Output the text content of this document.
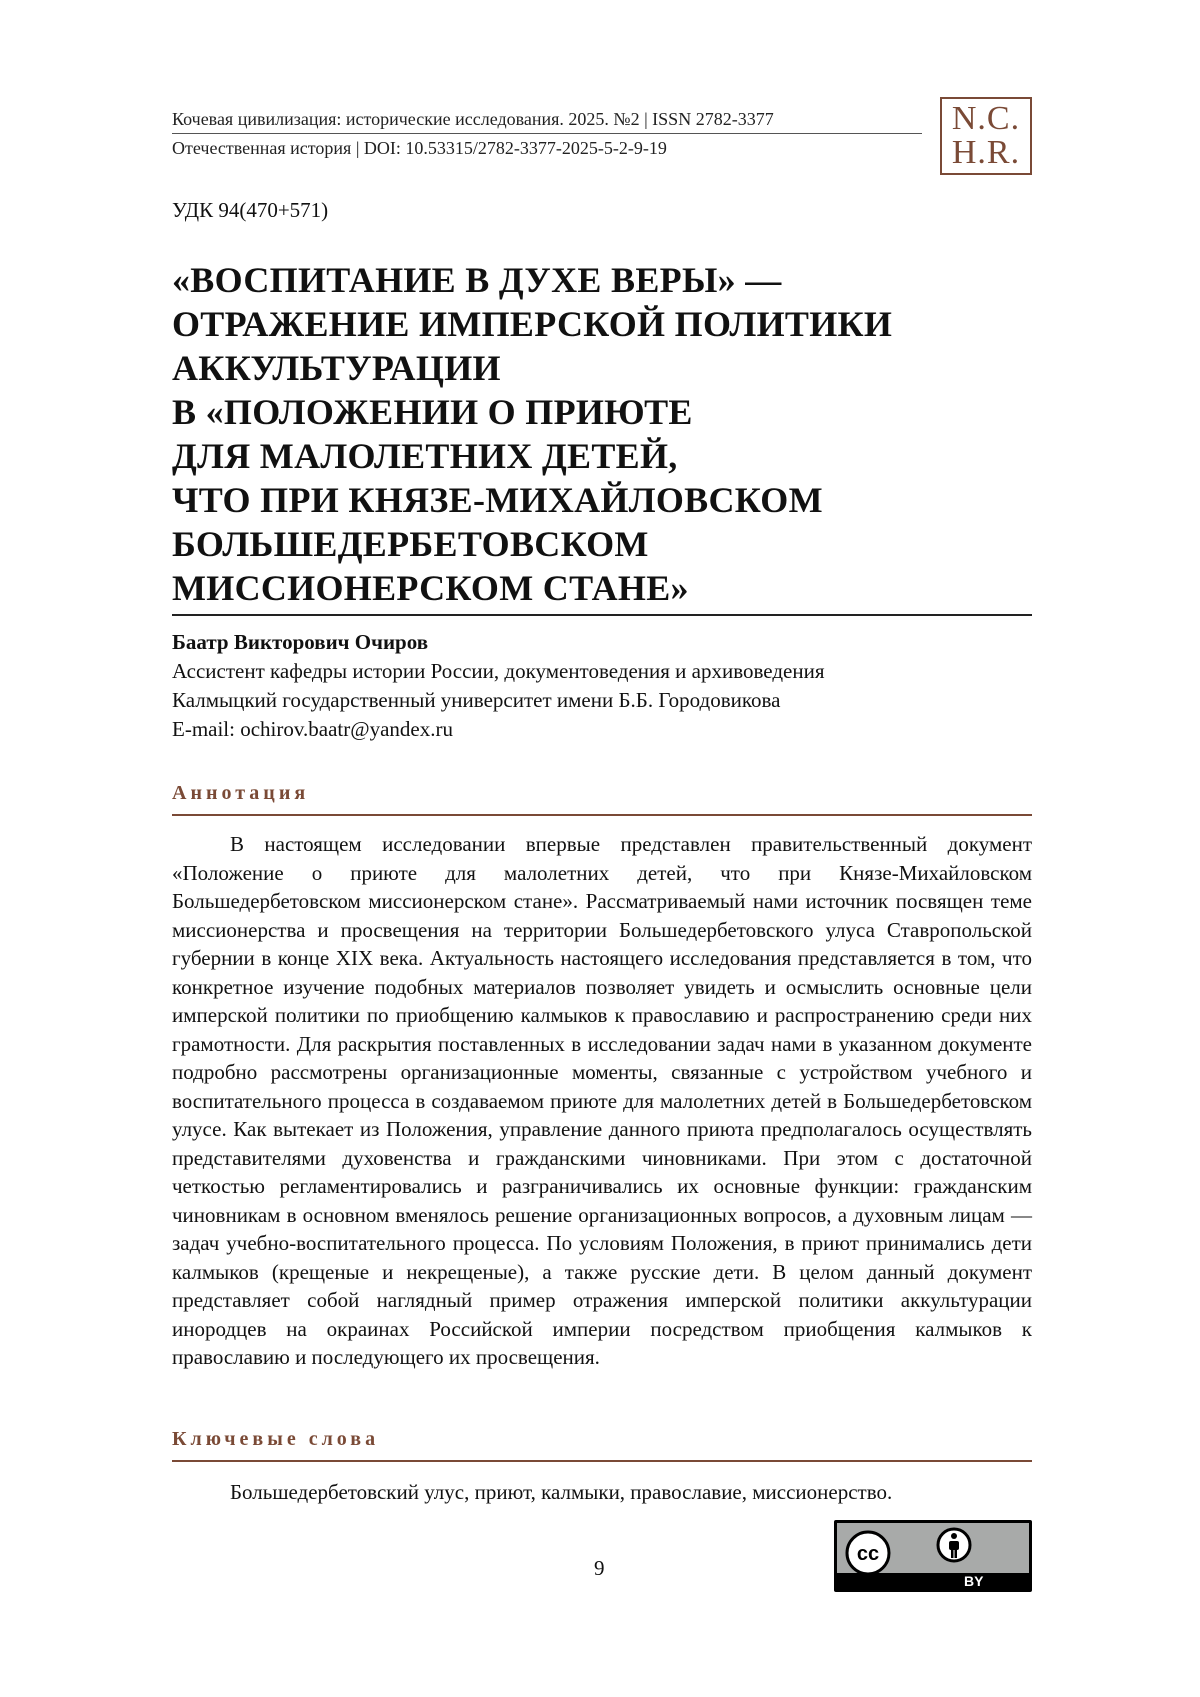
Кочевая цивилизация: исторические исследования. 2025. №2 | ISSN 2782-3377
Отечественная история | DOI: 10.53315/2782-3377-2025-5-2-9-19
N.C.
H.R.
УДК 94(470+571)
«ВОСПИТАНИЕ В ДУХЕ ВЕРЫ» —
ОТРАЖЕНИЕ ИМПЕРСКОЙ ПОЛИТИКИ
АККУЛЬТУРАЦИИ
В «ПОЛОЖЕНИИ О ПРИЮТЕ
ДЛЯ МАЛОЛЕТНИХ ДЕТЕЙ,
ЧТО ПРИ КНЯЗЕ-МИХАЙЛОВСКОМ
БОЛЬШЕДЕРБЕТОВСКОМ
МИССИОНЕРСКОМ СТАНЕ»
Баатр Викторович Очиров
Ассистент кафедры истории России, документоведения и архивоведения
Калмыцкий государственный университет имени Б.Б. Городовикова
E-mail: ochirov.baatr@yandex.ru
Аннотация

В настоящем исследовании впервые представлен правительственный документ «Положение о приюте для малолетних детей, что при Князе-Михайловском Большедербетовском миссионерском стане». Рассматриваемый нами источник посвящен теме миссионерства и просвещения на территории Большедербетовского улуса Ставропольской губернии в конце XIX века. Актуальность настоящего исследования представляется в том, что конкретное изучение подобных материалов позволяет увидеть и осмыслить основные цели имперской политики по приобщению калмыков к православию и распространению среди них грамотности. Для раскрытия поставленных в исследовании задач нами в указанном документе подробно рассмотрены организационные моменты, связанные с устройством учебного и воспитательного процесса в создаваемом приюте для малолетних детей в Большедербетовском улусе. Как вытекает из Положения, управление данного приюта предполагалось осуществлять представителями духовенства и гражданскими чиновниками. При этом с достаточной четкостью регламентировались и разграничивались их основные функции: гражданским чиновникам в основном вменялось решение организационных вопросов, а духовным лицам — задач учебно-воспитательного процесса. По условиям Положения, в приют принимались дети калмыков (крещеные и некрещеные), а также русские дети. В целом данный документ представляет собой наглядный пример отражения имперской политики аккультурации инородцев на окраинах Российской империи посредством приобщения калмыков к православию и последующего их просвещения.

Ключевые слова
Большедербетовский улус, приют, калмыки, православие, миссионерство.
9
cc
BY
